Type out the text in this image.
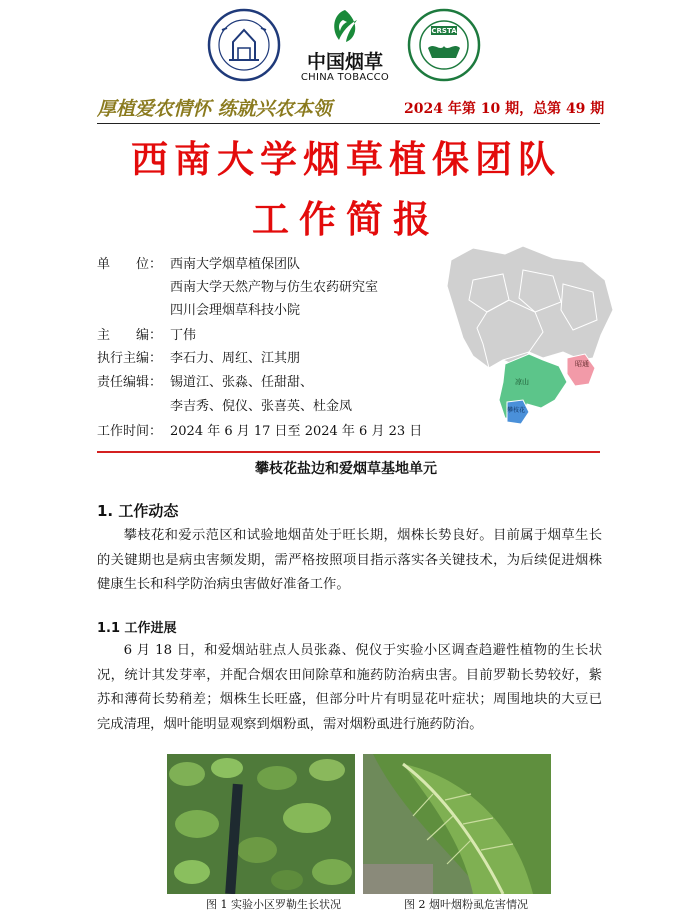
中国烟草
CHINA TOBACCO
CRSTA
厚植爱农情怀 练就兴农本领	2024 年第 10 期，总第 49 期
西南大学烟草植保团队
工作简报
单　　位： 西南大学烟草植保团队
西南大学天然产物与仿生农药研究室
四川会理烟草科技小院
主　　编： 丁伟
执行主编： 李石力、周红、江其朋
责任编辑： 锡道江、张淼、任甜甜、
李吉秀、倪仪、张喜英、杜金凤
工作时间： 2024 年 6 月 17 日至 2024 年 6 月 23 日
凉山
昭通
攀枝花
攀枝花盐边和爱烟草基地单元
1. 工作动态
攀枝花和爱示范区和试验地烟苗处于旺长期，烟株长势良好。目前属于烟草生长的关键期也是病虫害频发期，需严格按照项目指示落实各关键技术，为后续促进烟株健康生长和科学防治病虫害做好准备工作。
1.1 工作进展
6 月 18 日，和爱烟站驻点人员张淼、倪仪于实验小区调查趋避性植物的生长状况，统计其发芽率，并配合烟农田间除草和施药防治病虫害。目前罗勒长势较好，紫苏和薄荷长势稍差；烟株生长旺盛，但部分叶片有明显花叶症状；周围地块的大豆已完成清理，烟叶能明显观察到烟粉虱，需对烟粉虱进行施药防治。
图 1 实验小区罗勒生长状况	图 2 烟叶烟粉虱危害情况
